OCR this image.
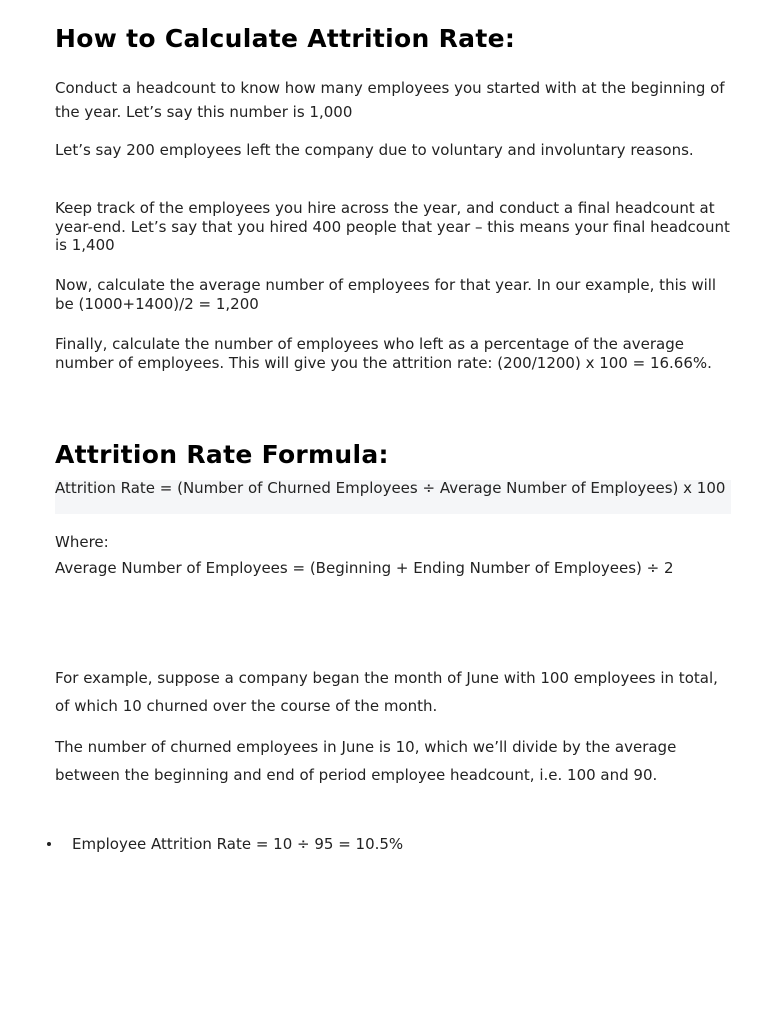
How to Calculate Attrition Rate:

Conduct a headcount to know how many employees you started with at the beginning of the year. Let’s say this number is 1,000

Let’s say 200 employees left the company due to voluntary and involuntary reasons.

Keep track of the employees you hire across the year, and conduct a final headcount at year-end. Let’s say that you hired 400 people that year – this means your final headcount is 1,400

Now, calculate the average number of employees for that year. In our example, this will be (1000+1400)/2 = 1,200

Finally, calculate the number of employees who left as a percentage of the average number of employees. This will give you the attrition rate: (200/1200) x 100 = 16.66%.

Attrition Rate Formula:

Attrition Rate = (Number of Churned Employees ÷ Average Number of Employees) x 100

Where:

Average Number of Employees = (Beginning + Ending Number of Employees) ÷ 2

For example, suppose a company began the month of June with 100 employees in total, of which 10 churned over the course of the month.

The number of churned employees in June is 10, which we’ll divide by the average between the beginning and end of period employee headcount, i.e. 100 and 90.

Employee Attrition Rate = 10 ÷ 95 = 10.5%
